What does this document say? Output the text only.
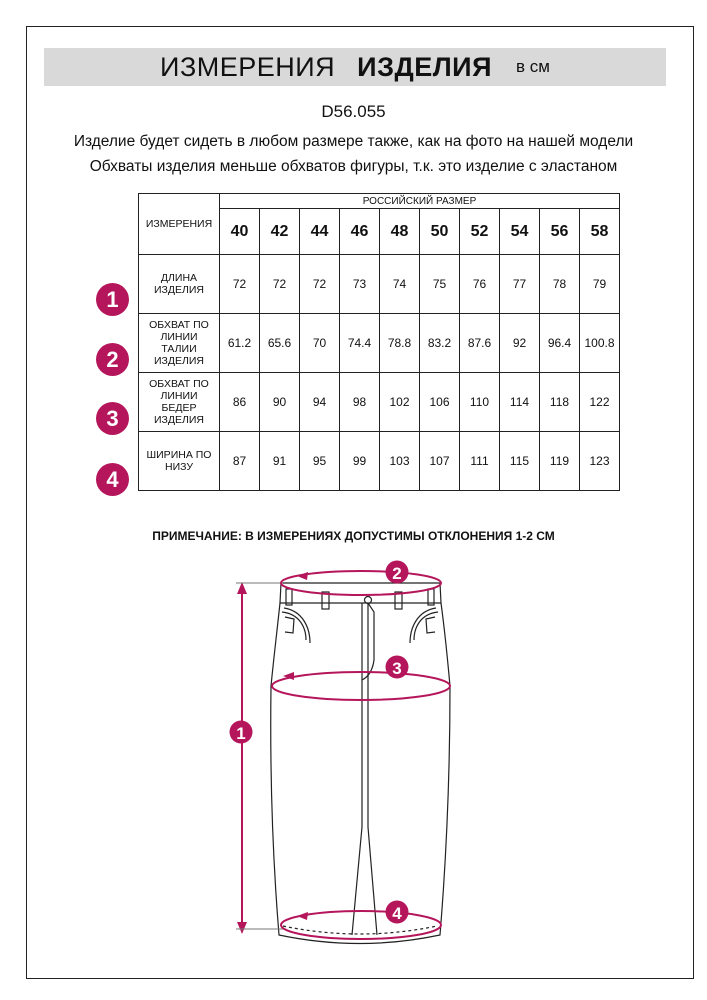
ИЗМЕРЕНИЯ ИЗДЕЛИЯ в см
D56.055
Изделие будет сидеть в любом размере также, как на фото на нашей модели
Обхваты изделия меньше обхватов фигуры, т.к. это изделие с эластаном
ИЗМЕРЕНИЯ	РОССИЙСКИЙ РАЗМЕР									
	40	42	44	46	48	50	52	54	56	58

ДЛИНА
ИЗДЕЛИЯ	72	72	72	73	74	75	76	77	78	79

ОБХВАТ ПО
ЛИНИИ
ТАЛИИ
ИЗДЕЛИЯ	61.2	65.6	70	74.4	78.8	83.2	87.6	92	96.4	100.8

ОБХВАТ ПО
ЛИНИИ
БЕДЕР
ИЗДЕЛИЯ	86	90	94	98	102	106	110	114	118	122

ШИРИНА ПО
НИЗУ	87	91	95	99	103	107	111	115	119	123
1
2
3
4
ПРИМЕЧАНИЕ: В ИЗМЕРЕНИЯХ ДОПУСТИМЫ ОТКЛОНЕНИЯ 1-2 СМ
2
3
1
4
